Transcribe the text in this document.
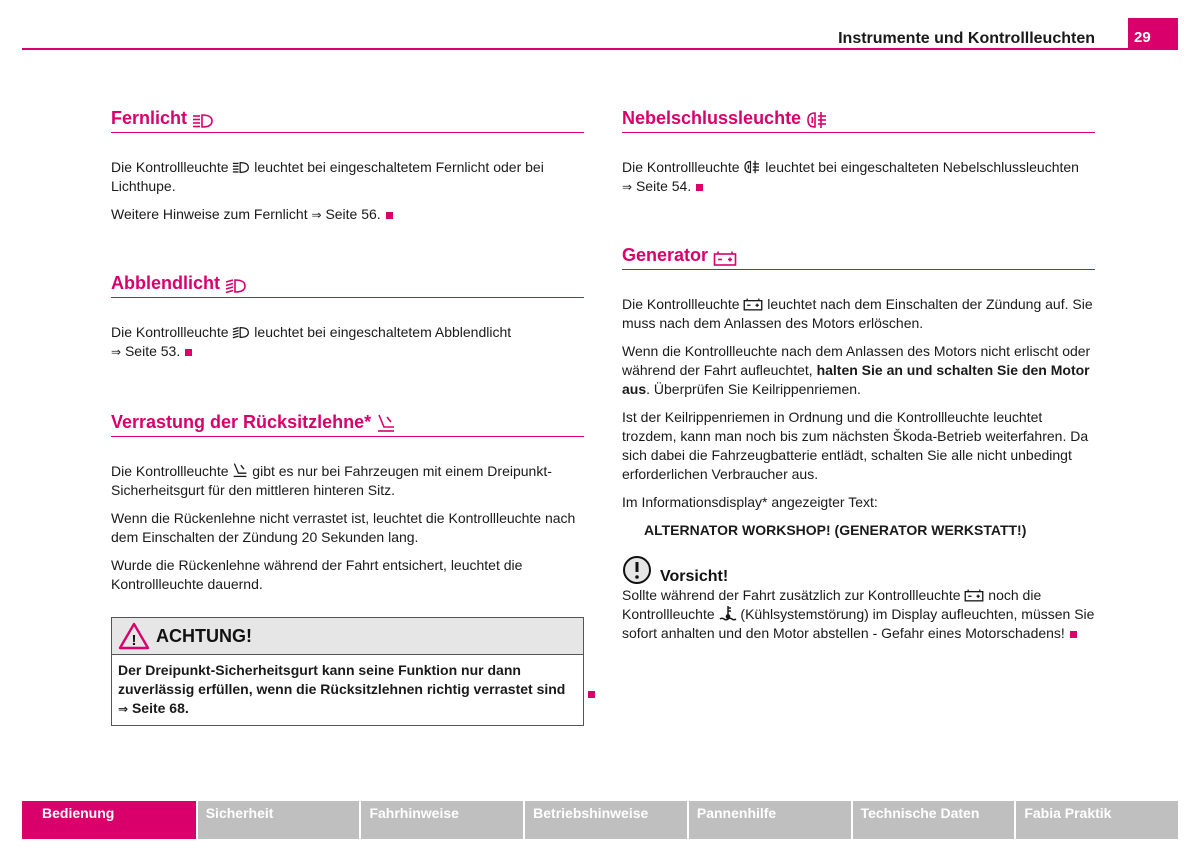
Instrumente und Kontrollleuchten	29
Fernlicht

Die Kontrollleuchte leuchtet bei eingeschaltetem Fernlicht oder bei Lichthupe.

Weitere Hinweise zum Fernlicht ⇒ Seite 56.

Abblendlicht

Die Kontrollleuchte leuchtet bei eingeschaltetem Abblendlicht
⇒ Seite 53.

Verrastung der Rücksitzlehne*

Die Kontrollleuchte gibt es nur bei Fahrzeugen mit einem Dreipunkt-Sicherheitsgurt für den mittleren hinteren Sitz.

Wenn die Rückenlehne nicht verrastet ist, leuchtet die Kontrollleuchte nach dem Einschalten der Zündung 20 Sekunden lang.

Wurde die Rückenlehne während der Fahrt entsichert, leuchtet die Kontrollleuchte dauernd.

! ACHTUNG!
Der Dreipunkt-Sicherheitsgurt kann seine Funktion nur dann zuverlässig erfüllen, wenn die Rücksitzlehnen richtig verrastet sind ⇒ Seite 68.
Nebelschlussleuchte

Die Kontrollleuchte leuchtet bei eingeschalteten Nebelschlussleuchten
⇒ Seite 54.

Generator

Die Kontrollleuchte leuchtet nach dem Einschalten der Zündung auf. Sie muss nach dem Anlassen des Motors erlöschen.

Wenn die Kontrollleuchte nach dem Anlassen des Motors nicht erlischt oder während der Fahrt aufleuchtet, halten Sie an und schalten Sie den Motor aus. Überprüfen Sie Keilrippenriemen.

Ist der Keilrippenriemen in Ordnung und die Kontrollleuchte leuchtet trozdem, kann man noch bis zum nächsten Škoda-Betrieb weiterfahren. Da sich dabei die Fahrzeugbatterie entlädt, schalten Sie alle nicht unbedingt erforderlichen Verbraucher aus.

Im Informationsdisplay* angezeigter Text:

ALTERNATOR WORKSHOP! (GENERATOR WERKSTATT!)

Vorsicht!

Sollte während der Fahrt zusätzlich zur Kontrollleuchte noch die Kontrollleuchte (Kühlsystemstörung) im Display aufleuchten, müssen Sie sofort anhalten und den Motor abstellen - Gefahr eines Motorschadens!

Bedienung	Sicherheit	Fahrhinweise	Betriebshinweise	Pannenhilfe	Technische Daten	Fabia Praktik
